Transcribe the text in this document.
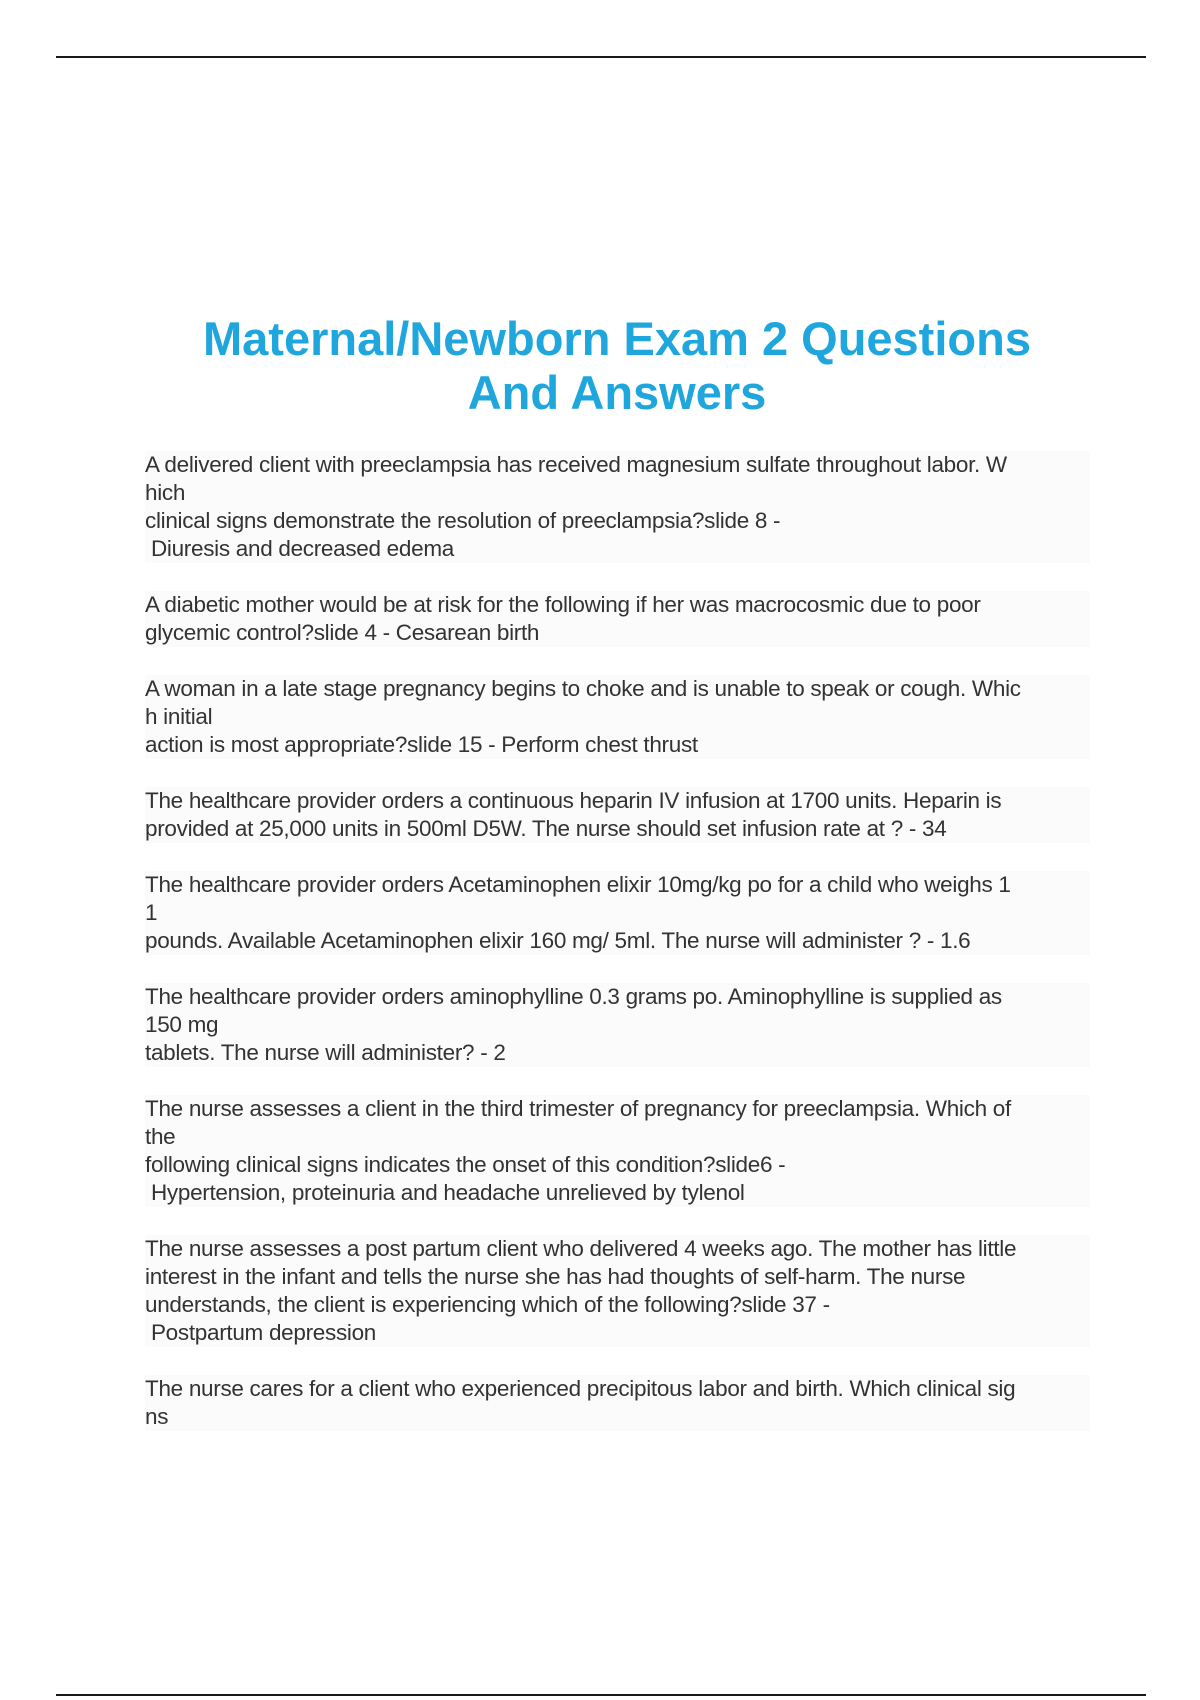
Maternal/Newborn Exam 2 Questions
And Answers
A delivered client with preeclampsia has received magnesium sulfate throughout labor. W
hich
clinical signs demonstrate the resolution of preeclampsia?slide 8 -
Diuresis and decreased edema
A diabetic mother would be at risk for the following if her was macrocosmic due to poor
glycemic control?slide 4 - Cesarean birth
A woman in a late stage pregnancy begins to choke and is unable to speak or cough. Whic
h initial
action is most appropriate?slide 15 - Perform chest thrust
The healthcare provider orders a continuous heparin IV infusion at 1700 units. Heparin is
provided at 25,000 units in 500ml D5W. The nurse should set infusion rate at ? - 34
The healthcare provider orders Acetaminophen elixir 10mg/kg po for a child who weighs 1
1
pounds. Available Acetaminophen elixir 160 mg/ 5ml. The nurse will administer ? - 1.6
The healthcare provider orders aminophylline 0.3 grams po. Aminophylline is supplied as
150 mg
tablets. The nurse will administer? - 2
The nurse assesses a client in the third trimester of pregnancy for preeclampsia. Which of
the
following clinical signs indicates the onset of this condition?slide6 -
Hypertension, proteinuria and headache unrelieved by tylenol
The nurse assesses a post partum client who delivered 4 weeks ago. The mother has little
interest in the infant and tells the nurse she has had thoughts of self-harm. The nurse
understands, the client is experiencing which of the following?slide 37 -
Postpartum depression
The nurse cares for a client who experienced precipitous labor and birth. Which clinical sig
ns
